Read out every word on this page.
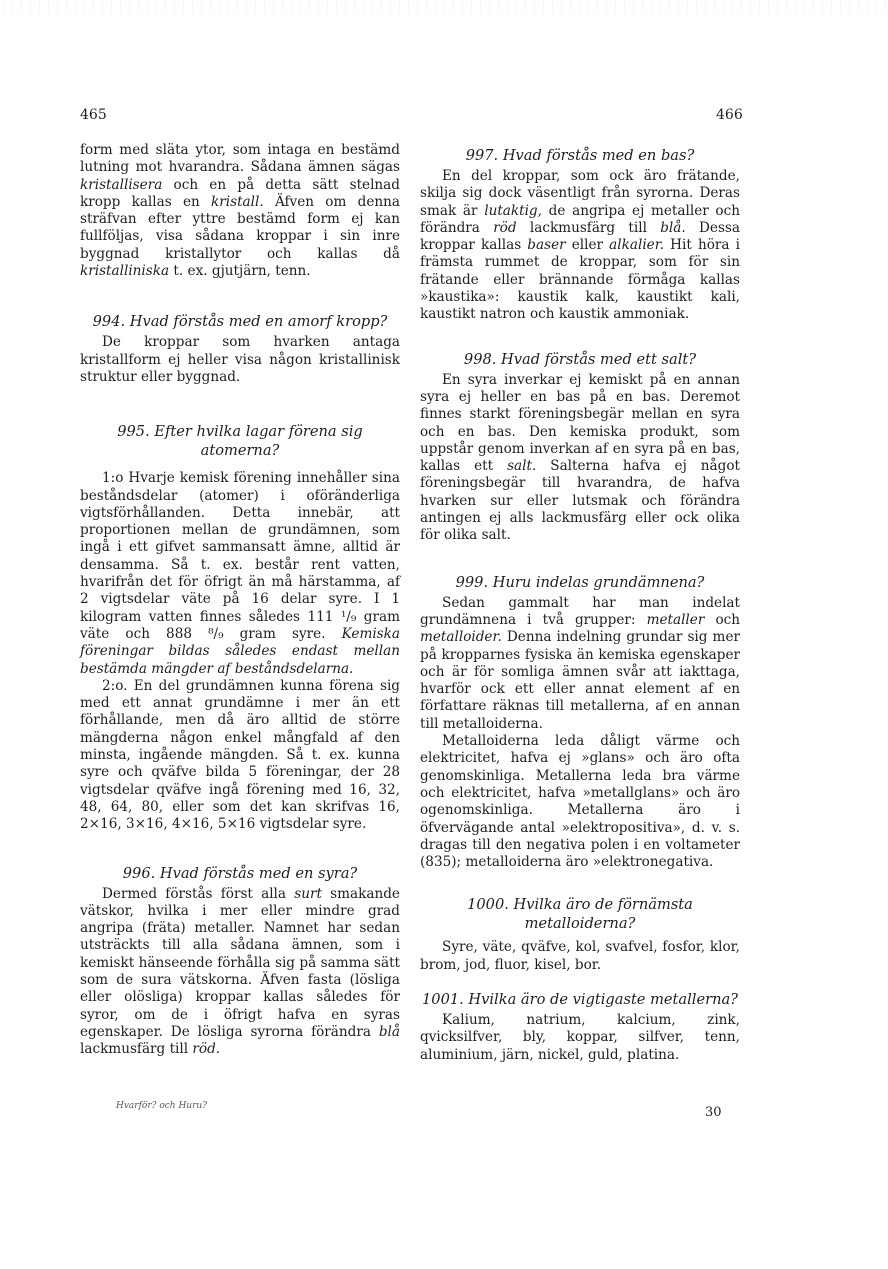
465	466

form med släta ytor, som intaga en bestämd lutning mot hvarandra. Sådana ämnen sägas kristallisera och en på detta sätt stelnad kropp kallas en kristall. Äfven om denna sträfvan efter yttre bestämd form ej kan fullföljas, visa sådana kroppar i sin inre byggnad kristallytor och kallas då kristalliniska t. ex. gjutjärn, tenn.

994. Hvad förstås med en amorf kropp?

De kroppar som hvarken antaga kristallform ej heller visa någon kristallinisk struktur eller byggnad.

995. Efter hvilka lagar förena sig atomerna?

1:o Hvarje kemisk förening innehåller sina beståndsdelar (atomer) i oföränderliga vigtsförhållanden. Detta innebär, att proportionen mellan de grundämnen, som ingå i ett gifvet sammansatt ämne, alltid är densamma. Så t. ex. består rent vatten, hvarifrån det för öfrigt än må härstamma, af 2 vigtsdelar väte på 16 delar syre. I 1 kilogram vatten finnes således 111 ¹/₉ gram väte och 888 ⁸/₉ gram syre. Kemiska föreningar bildas således endast mellan bestämda mängder af beståndsdelarna.

2:o. En del grundämnen kunna förena sig med ett annat grundämne i mer än ett förhållande, men då äro alltid de större mängderna någon enkel mångfald af den minsta, ingående mängden. Så t. ex. kunna syre och qväfve bilda 5 föreningar, der 28 vigtsdelar qväfve ingå förening med 16, 32, 48, 64, 80, eller som det kan skrifvas 16, 2×16, 3×16, 4×16, 5×16 vigtsdelar syre.

996. Hvad förstås med en syra?

Dermed förstås först alla surt smakande vätskor, hvilka i mer eller mindre grad angripa (fräta) metaller. Namnet har sedan utsträckts till alla sådana ämnen, som i kemiskt hänseende förhålla sig på samma sätt som de sura vätskorna. Äfven fasta (lösliga eller olösliga) kroppar kallas således för syror, om de i öfrigt hafva en syras egenskaper. De lösliga syrorna förändra blå lackmusfärg till röd.

Hvarför? och Huru?

997. Hvad förstås med en bas?

En del kroppar, som ock äro frätande, skilja sig dock väsentligt från syrorna. Deras smak är lutaktig, de angripa ej metaller och förändra röd lackmusfärg till blå. Dessa kroppar kallas baser eller alkalier. Hit höra i främsta rummet de kroppar, som för sin frätande eller brännande förmåga kallas »kaustika»: kaustik kalk, kaustikt kali, kaustikt natron och kaustik ammoniak.

998. Hvad förstås med ett salt?

En syra inverkar ej kemiskt på en annan syra ej heller en bas på en bas. Deremot finnes starkt föreningsbegär mellan en syra och en bas. Den kemiska produkt, som uppstår genom inverkan af en syra på en bas, kallas ett salt. Salterna hafva ej något föreningsbegär till hvarandra, de hafva hvarken sur eller lutsmak och förändra antingen ej alls lackmusfärg eller ock olika för olika salt.

999. Huru indelas grundämnena?

Sedan gammalt har man indelat grundämnena i två grupper: metaller och metalloider. Denna indelning grundar sig mer på kropparnes fysiska än kemiska egenskaper och är för somliga ämnen svår att iakttaga, hvarför ock ett eller annat element af en författare räknas till metallerna, af en annan till metalloiderna.

Metalloiderna leda dåligt värme och elektricitet, hafva ej »glans» och äro ofta genomskinliga. Metallerna leda bra värme och elektricitet, hafva »metallglans» och äro ogenomskinliga. Metallerna äro i öfvervägande antal »elektropositiva», d. v. s. dragas till den negativa polen i en voltameter (835); metalloiderna äro »elektronegativa.

1000. Hvilka äro de förnämsta metalloiderna?

Syre, väte, qväfve, kol, svafvel, fosfor, klor, brom, jod, fluor, kisel, bor.

1001. Hvilka äro de vigtigaste metallerna?

Kalium, natrium, kalcium, zink, qvicksilfver, bly, koppar, silfver, tenn, aluminium, järn, nickel, guld, platina.

30
